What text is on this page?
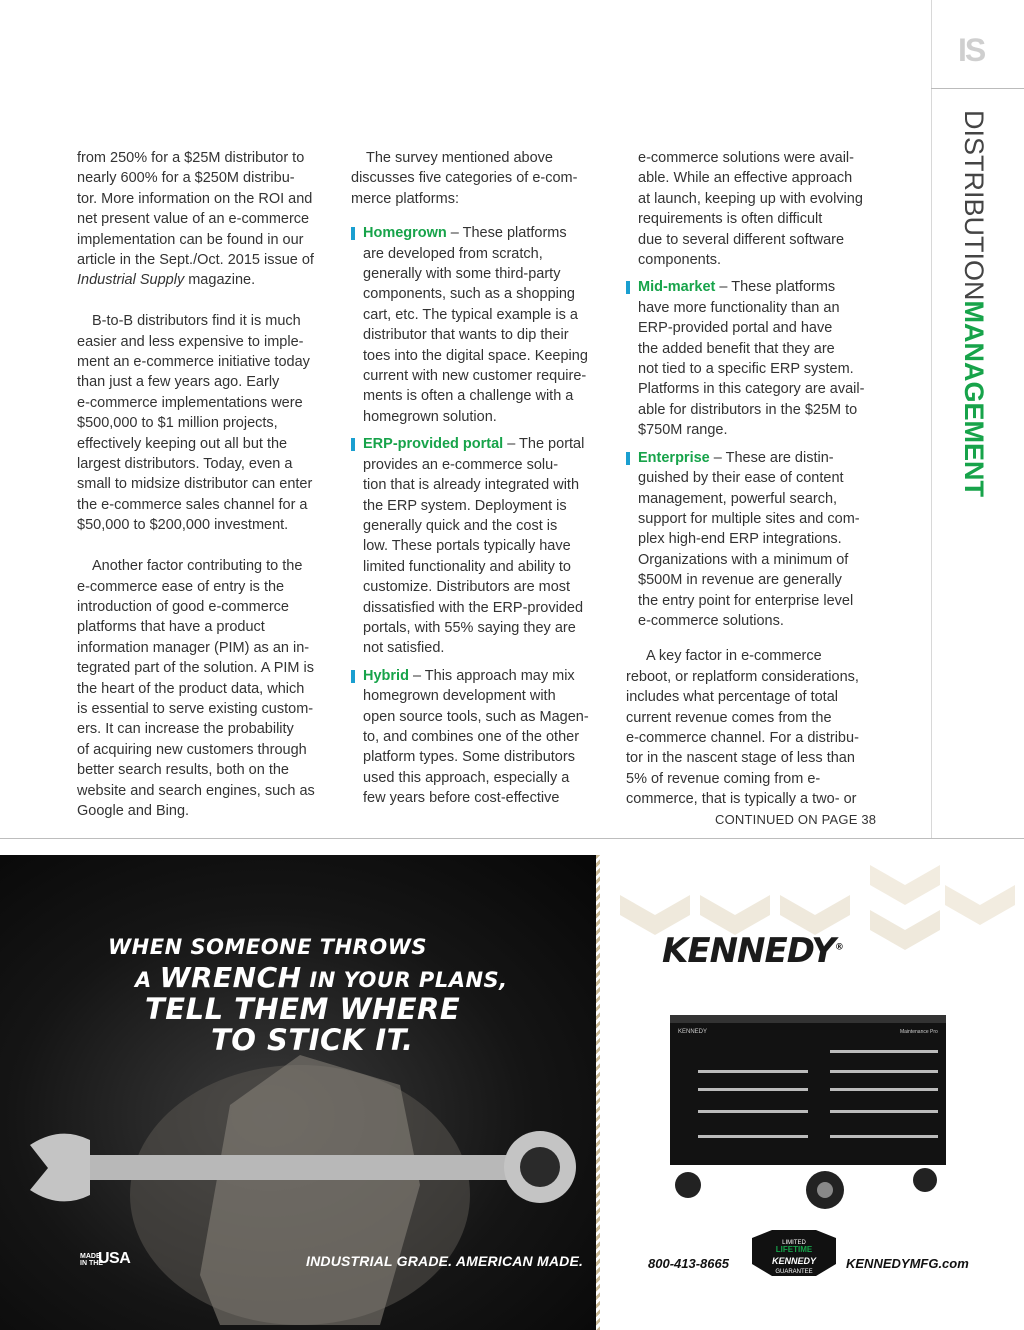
IS
DISTRIBUTIONMANAGEMENT

from 250% for a $25M distributor to
nearly 600% for a $250M distribu-
tor. More information on the ROI and
net present value of an e-commerce
implementation can be found in our
article in the Sept./Oct. 2015 issue of
Industrial Supply magazine.

B-to-B distributors find it is much
easier and less expensive to imple-
ment an e-commerce initiative today
than just a few years ago. Early
e-commerce implementations were
$500,000 to $1 million projects,
effectively keeping out all but the
largest distributors. Today, even a
small to midsize distributor can enter
the e-commerce sales channel for a
$50,000 to $200,000 investment.

Another factor contributing to the
e-commerce ease of entry is the
introduction of good e-commerce
platforms that have a product
information manager (PIM) as an in-
tegrated part of the solution. A PIM is
the heart of the product data, which
is essential to serve existing custom-
ers. It can increase the probability
of acquiring new customers through
better search results, both on the
website and search engines, such as
Google and Bing.

The survey mentioned above
discusses five categories of e-com-
merce platforms:

Homegrown – These platforms
are developed from scratch,
generally with some third-party
components, such as a shopping
cart, etc. The typical example is a
distributor that wants to dip their
toes into the digital space. Keeping
current with new customer require-
ments is often a challenge with a
homegrown solution.
ERP-provided portal – The portal
provides an e-commerce solu-
tion that is already integrated with
the ERP system. Deployment is
generally quick and the cost is
low. These portals typically have
limited functionality and ability to
customize. Distributors are most
dissatisfied with the ERP-provided
portals, with 55% saying they are
not satisfied.
Hybrid – This approach may mix
homegrown development with
open source tools, such as Magen-
to, and combines one of the other
platform types. Some distributors
used this approach, especially a
few years before cost-effective
e-commerce solutions were avail-
able. While an effective approach
at launch, keeping up with evolving
requirements is often difficult
due to several different software
components.
Mid-market – These platforms
have more functionality than an
ERP-provided portal and have
the added benefit that they are
not tied to a specific ERP system.
Platforms in this category are avail-
able for distributors in the $25M to
$750M range.
Enterprise – These are distin-
guished by their ease of content
management, powerful search,
support for multiple sites and com-
plex high-end ERP integrations.
Organizations with a minimum of
$500M in revenue are generally
the entry point for enterprise level
e-commerce solutions.

A key factor in e-commerce
reboot, or replatform considerations,
includes what percentage of total
current revenue comes from the
e-commerce channel. For a distribu-
tor in the nascent stage of less than
5% of revenue coming from e-
commerce, that is typically a two- or

CONTINUED ON PAGE 38
WHEN SOMEONE THROWS
A WRENCH IN YOUR PLANS,
TELL THEM WHERE
TO STICK IT.
MADE
IN THE
USA	INDUSTRIAL GRADE. AMERICAN MADE.
KENNEDY	Maintenance Pro
LIMITED
LIFETIME
KENNEDY
GUARANTEE
KENNEDY®
800-413-8665	KENNEDYMFG.com
